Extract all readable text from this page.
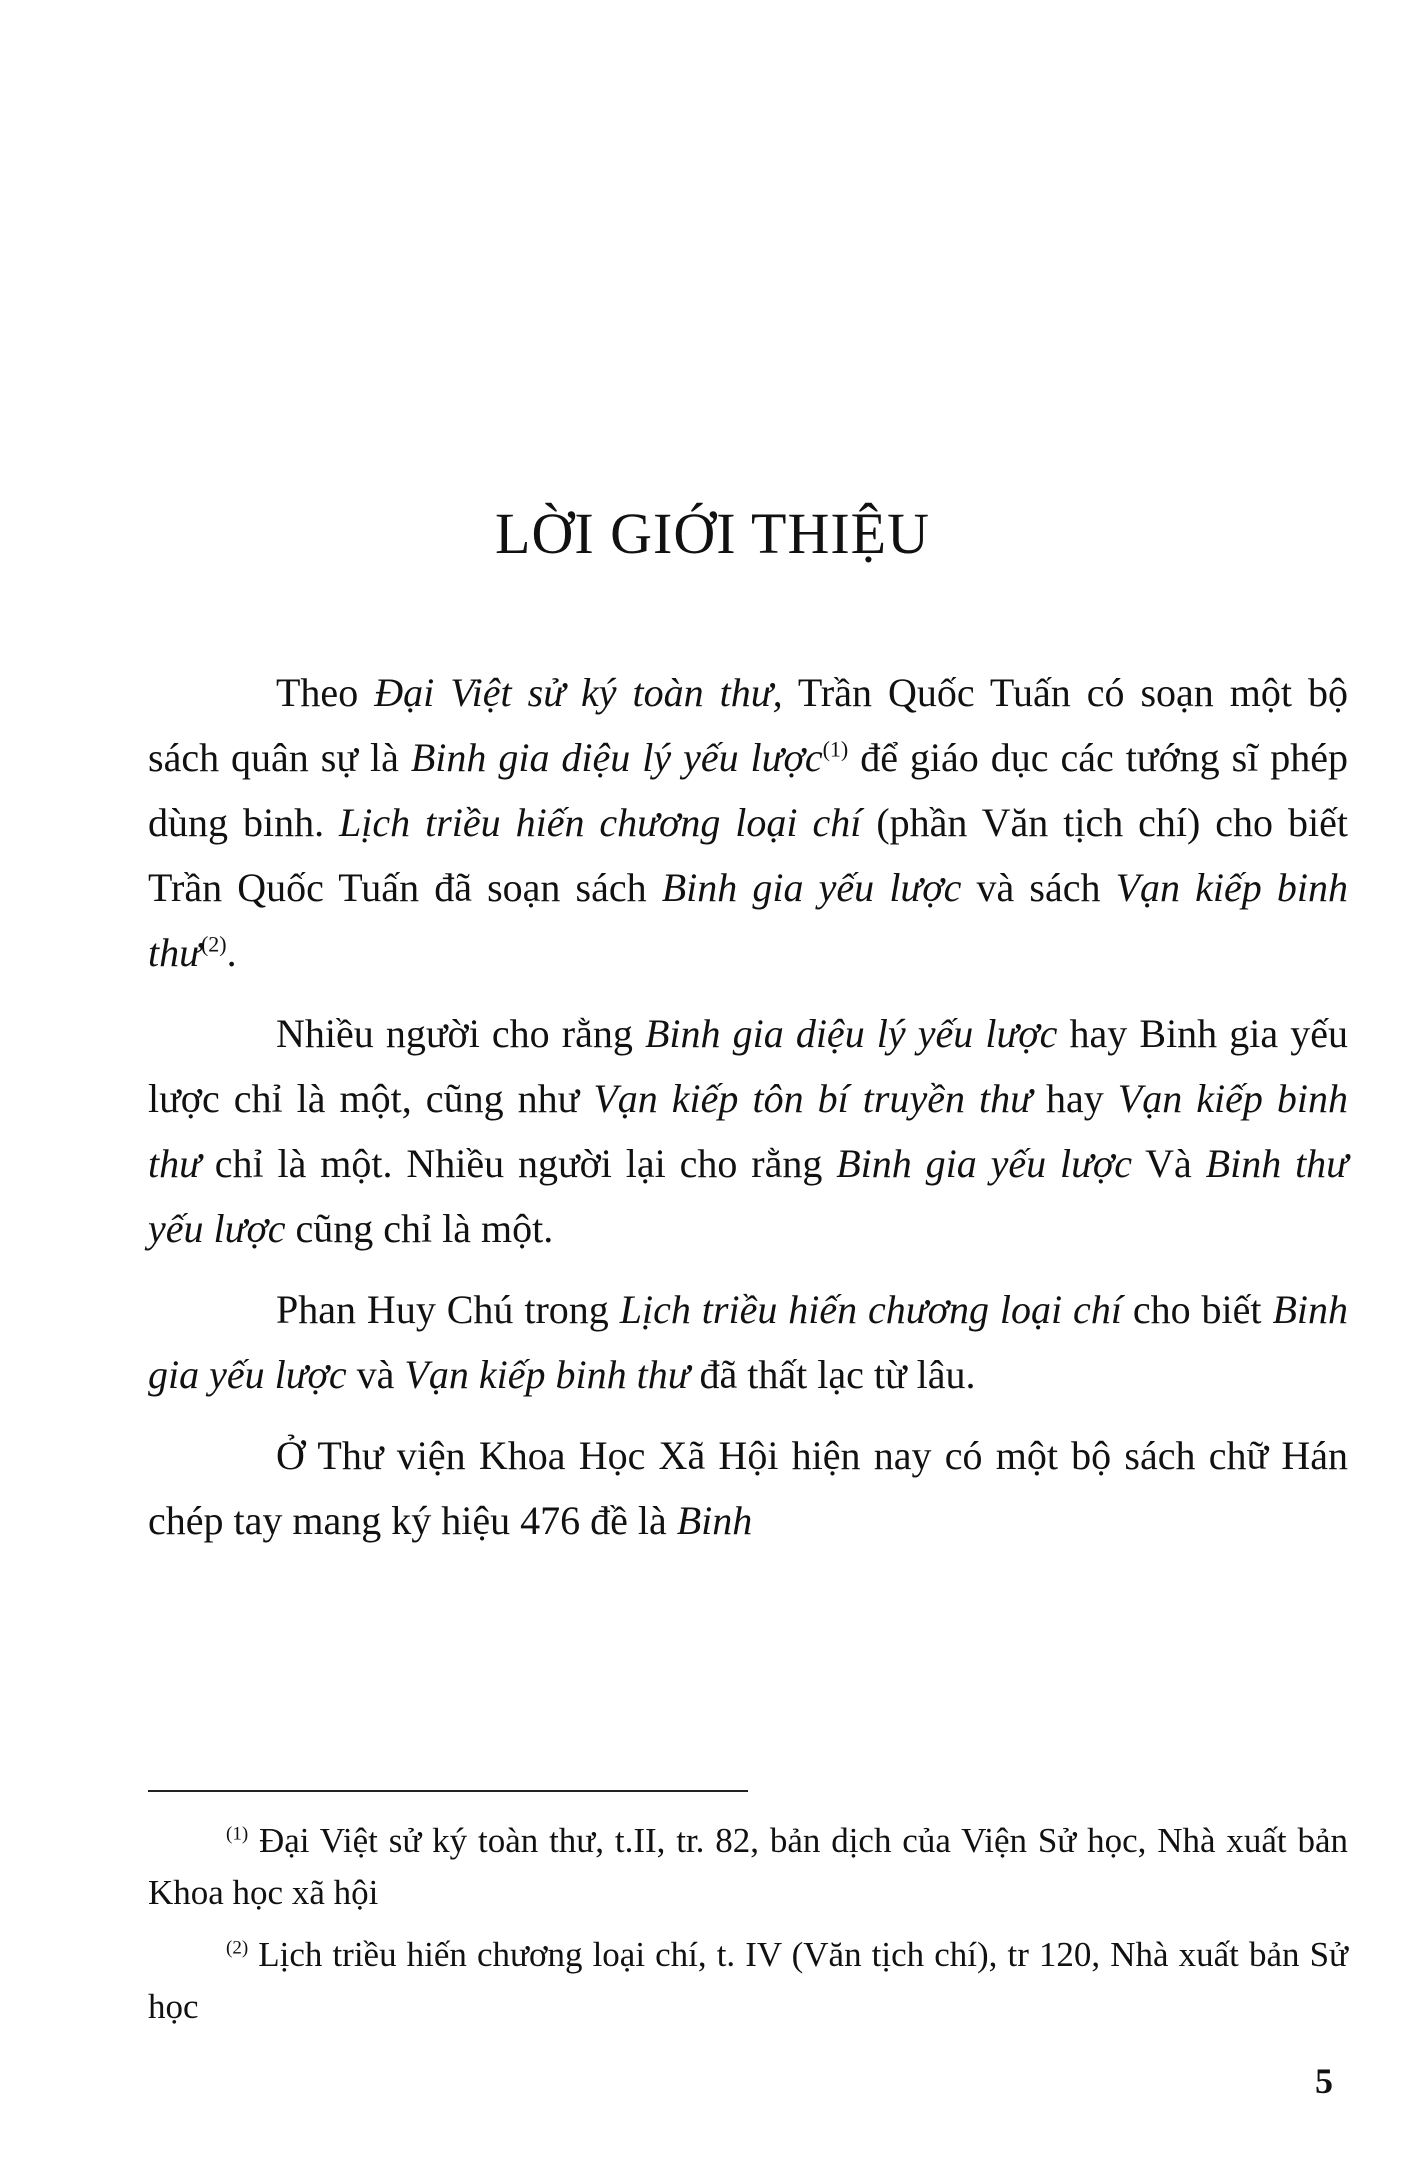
LỜI GIỚI THIỆU

Theo Đại Việt sử ký toàn thư, Trần Quốc Tuấn có soạn một bộ sách quân sự là Binh gia diệu lý yếu lược$^{(1)}$ để giáo dục các tướng sĩ phép dùng binh. Lịch triều hiến chương loại chí (phần Văn tịch chí) cho biết Trần Quốc Tuấn đã soạn sách Binh gia yếu lược và sách Vạn kiếp binh thư$^{(2)}$.

Nhiều người cho rằng Binh gia diệu lý yếu lược hay Binh gia yếu lược chỉ là một, cũng như Vạn kiếp tôn bí truyền thư hay Vạn kiếp binh thư chỉ là một. Nhiều người lại cho rằng Binh gia yếu lược Và Binh thư yếu lược cũng chỉ là một.

Phan Huy Chú trong Lịch triều hiến chương loại chí cho biết Binh gia yếu lược và Vạn kiếp binh thư đã thất lạc từ lâu.

Ở Thư viện Khoa Học Xã Hội hiện nay có một bộ sách chữ Hán chép tay mang ký hiệu 476 đề là Binh

$^{(1)}$ Đại Việt sử ký toàn thư, t.II, tr. 82, bản dịch của Viện Sử học, Nhà xuất bản Khoa học xã hội

$^{(2)}$ Lịch triều hiến chương loại chí, t. IV (Văn tịch chí), tr 120, Nhà xuất bản Sử học

5
